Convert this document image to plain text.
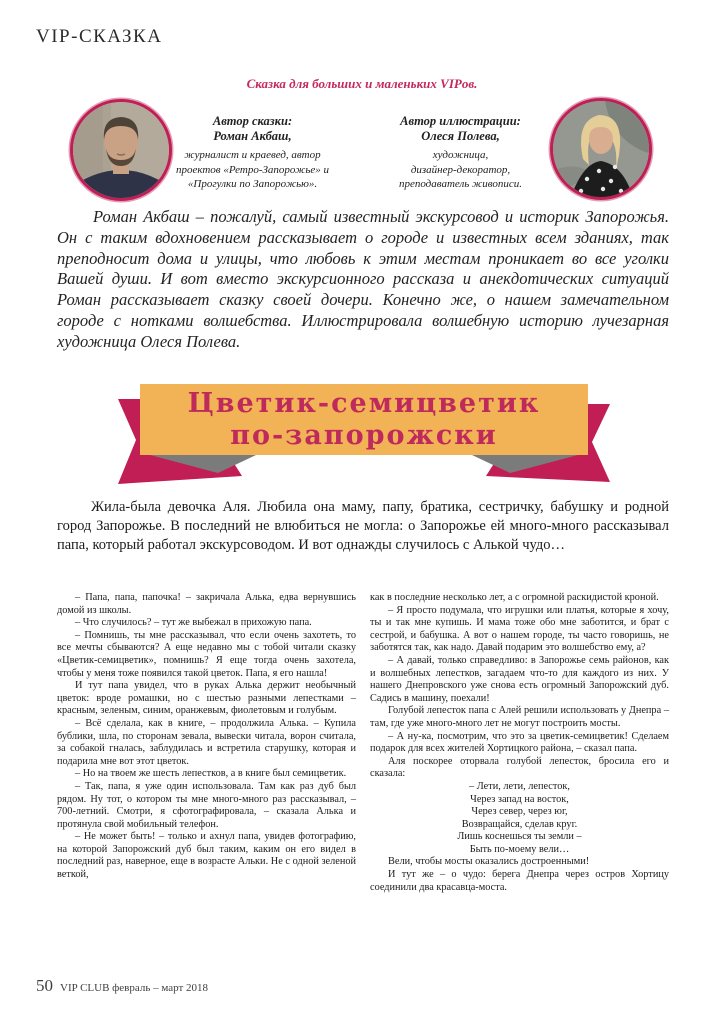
VIP-СКАЗКА
Сказка для больших и маленьких VIPов.
Автор сказки:
Роман Акбаш,
журналист и краевед, автор
проектов «Ретро-Запорожье» и
«Прогулки по Запорожью».
Автор иллюстрации:
Олеся Полева,
художница,
дизайнер-декоратор,
преподаватель живописи.
Роман Акбаш – пожалуй, самый известный экскурсовод и историк Запорожья. Он с таким вдохновением рассказывает о городе и известных всем зданиях, так преподносит дома и улицы, что любовь к этим местам проникает во все уголки Вашей души. И вот вместо экскурсионного рассказа и анекдотических ситуаций Роман рассказывает сказку своей дочери. Конечно же, о нашем замечательном городе с нотками волшебства. Иллюстрировала волшебную историю лучезарная художница Олеся Полева.
Цветик-семицветик
по-запорожски
Жила-была девочка Аля. Любила она маму, папу, братика, сестричку, бабушку и родной город Запорожье. В последний не влюбиться не могла: о Запорожье ей много-много рассказывал папа, который работал экскурсоводом. И вот однажды случилось с Алькой чудо…

– Папа, папа, папочка! – закричала Алька, едва вернувшись домой из школы.

– Что случилось? – тут же выбежал в прихожую папа.

– Помнишь, ты мне рассказывал, что если очень захотеть, то все мечты сбываются? А еще недавно мы с тобой читали сказку «Цветик-семицветик», помнишь? Я еще тогда очень захотела, чтобы у меня тоже появился такой цветок. Папа, я его нашла!

И тут папа увидел, что в руках Алька держит необычный цветок: вроде ромашки, но с шестью разными лепестками – красным, зеленым, синим, оранжевым, фиолетовым и голубым.

– Всё сделала, как в книге, – продолжила Алька. – Купила бублики, шла, по сторонам зевала, вывески читала, ворон считала, за собакой гналась, заблудилась и встретила старушку, которая и подарила мне вот этот цветок.

– Но на твоем же шесть лепестков, а в книге был семицветик.

– Так, папа, я уже один использовала. Там как раз дуб был рядом. Ну тот, о котором ты мне много-много раз рассказывал, – 700-летний. Смотри, я сфотографировала, – сказала Алька и протянула свой мобильный телефон.

– Не может быть! – только и ахнул папа, увидев фотографию, на которой Запорожский дуб был таким, каким он его видел в последний раз, наверное, еще в возрасте Альки. Не с одной зеленой веткой,

как в последние несколько лет, а с огромной раскидистой кроной.

– Я просто подумала, что игрушки или платья, которые я хочу, ты и так мне купишь. И мама тоже обо мне заботится, и брат с сестрой, и бабушка. А вот о нашем городе, ты часто говоришь, не заботятся так, как надо. Давай подарим это волшебство ему, а?

– А давай, только справедливо: в Запорожье семь районов, как и волшебных лепестков, загадаем что-то для каждого из них. У нашего Днепровского уже снова есть огромный Запорожский дуб. Садись в машину, поехали!

Голубой лепесток папа с Алей решили использовать у Днепра – там, где уже много-много лет не могут построить мосты.

– А ну-ка, посмотрим, что это за цветик-семицветик! Сделаем подарок для всех жителей Хортицкого района, – сказал папа.

Аля поскорее оторвала голубой лепесток, бросила его и сказала:

– Лети, лети, лепесток,
Через запад на восток,
Через север, через юг,
Возвращайся, сделав круг.
Лишь коснешься ты земли –
Быть по-моему вели…

Вели, чтобы мосты оказались достроенными!

И тут же – о чудо: берега Днепра через остров Хортицу соединили два красавца-моста.

50 VIP CLUB февраль – март 2018
